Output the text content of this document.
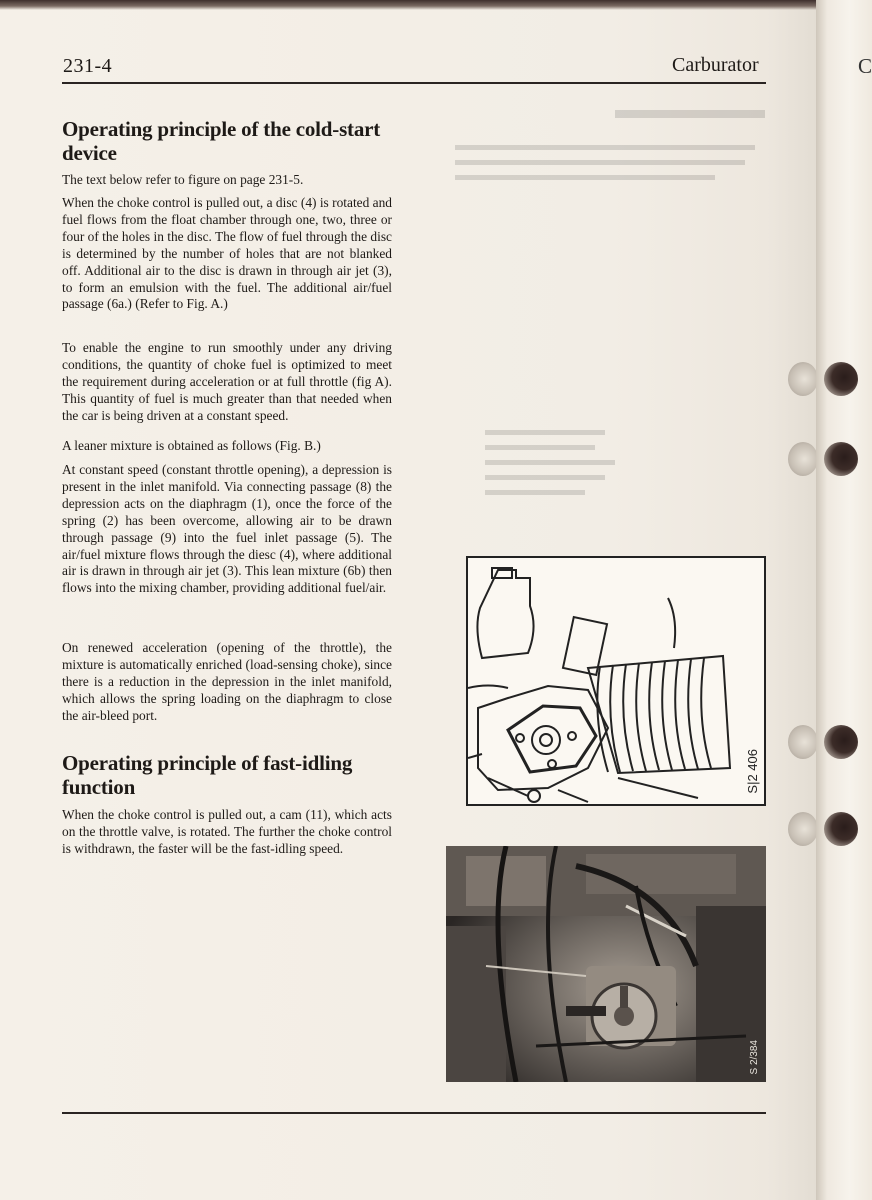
231-4	Carburator
Operating principle of the cold-start device

The text below refer to figure on page 231-5.

When the choke control is pulled out, a disc (4) is rotated and fuel flows from the float chamber through one, two, three or four of the holes in the disc. The flow of fuel through the disc is determined by the number of holes that are not blanked off. Additional air to the disc is drawn in through air jet (3), to form an emulsion with the fuel. The additional air/fuel passage (6a.) (Refer to Fig. A.)

To enable the engine to run smoothly under any driving conditions, the quantity of choke fuel is optimized to meet the requirement during acceleration or at full throttle (fig A). This quantity of fuel is much greater than that needed when the car is being driven at a constant speed.

A leaner mixture is obtained as follows (Fig. B.)

At constant speed (constant throttle opening), a depression is present in the inlet manifold. Via connecting passage (8) the depression acts on the diaphragm (1), once the force of the spring (2) has been overcome, allowing air to be drawn through passage (9) into the fuel inlet passage (5). The air/fuel mixture flows through the diesc (4), where additional air is drawn in through air jet (3). This lean mixture (6b) then flows into the mixing chamber, providing additional fuel/air.

On renewed acceleration (opening of the throttle), the mixture is automatically enriched (load-sensing choke), since there is a reduction in the depression in the inlet manifold, which allows the spring loading on the diaphragm to close the air-bleed port.

Operating principle of fast-idling function

When the choke control is pulled out, a cam (11), which acts on the throttle valve, is rotated. The further the choke control is withdrawn, the faster will be the fast-idling speed.

S|2 406
S 2/384
C
